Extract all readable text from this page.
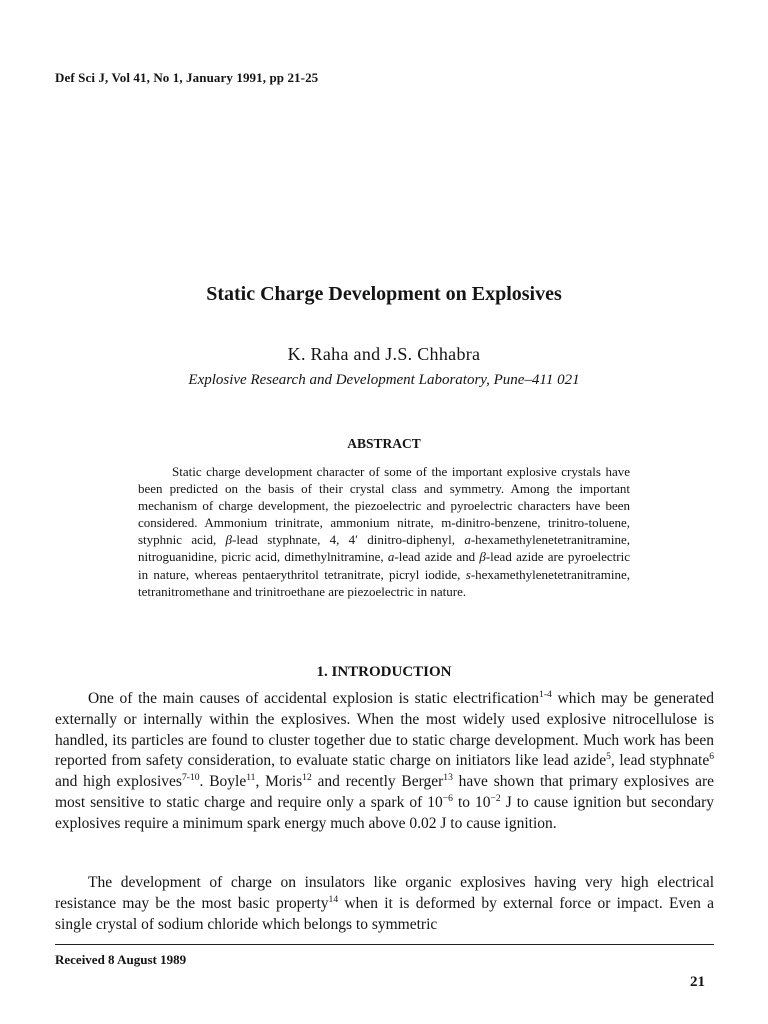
Def Sci J, Vol 41, No 1, January 1991, pp 21-25
Static Charge Development on Explosives
K. Raha and J.S. Chhabra
Explosive Research and Development Laboratory, Pune–411 021
ABSTRACT

Static charge development character of some of the important explosive crystals have been predicted on the basis of their crystal class and symmetry. Among the important mechanism of charge development, the piezoelectric and pyroelectric characters have been considered. Ammonium trinitrate, ammonium nitrate, m-dinitro-benzene, trinitro-toluene, styphnic acid, β-lead styphnate, 4, 4′ dinitro-diphenyl, a-hexamethylenetetranitramine, nitroguanidine, picric acid, dimethylnitramine, a-lead azide and β-lead azide are pyroelectric in nature, whereas pentaerythritol tetranitrate, picryl iodide, s-hexamethylenetetranitramine, tetranitromethane and trinitroethane are piezoelectric in nature.

1. INTRODUCTION

One of the main causes of accidental explosion is static electrification$^{1-4}$ which may be generated externally or internally within the explosives. When the most widely used explosive nitrocellulose is handled, its particles are found to cluster together due to static charge development. Much work has been reported from safety consideration, to evaluate static charge on initiators like lead azide$^5$, lead styphnate$^6$ and high explosives$^{7-10}$. Boyle$^{11}$, Moris$^{12}$ and recently Berger$^{13}$ have shown that primary explosives are most sensitive to static charge and require only a spark of $10^{-6}$ to $10^{-2}$ J to cause ignition but secondary explosives require a minimum spark energy much above 0.02 J to cause ignition.

The development of charge on insulators like organic explosives having very high electrical resistance may be the most basic property$^{14}$ when it is deformed by external force or impact. Even a single crystal of sodium chloride which belongs to symmetric

Received 8 August 1989
21
